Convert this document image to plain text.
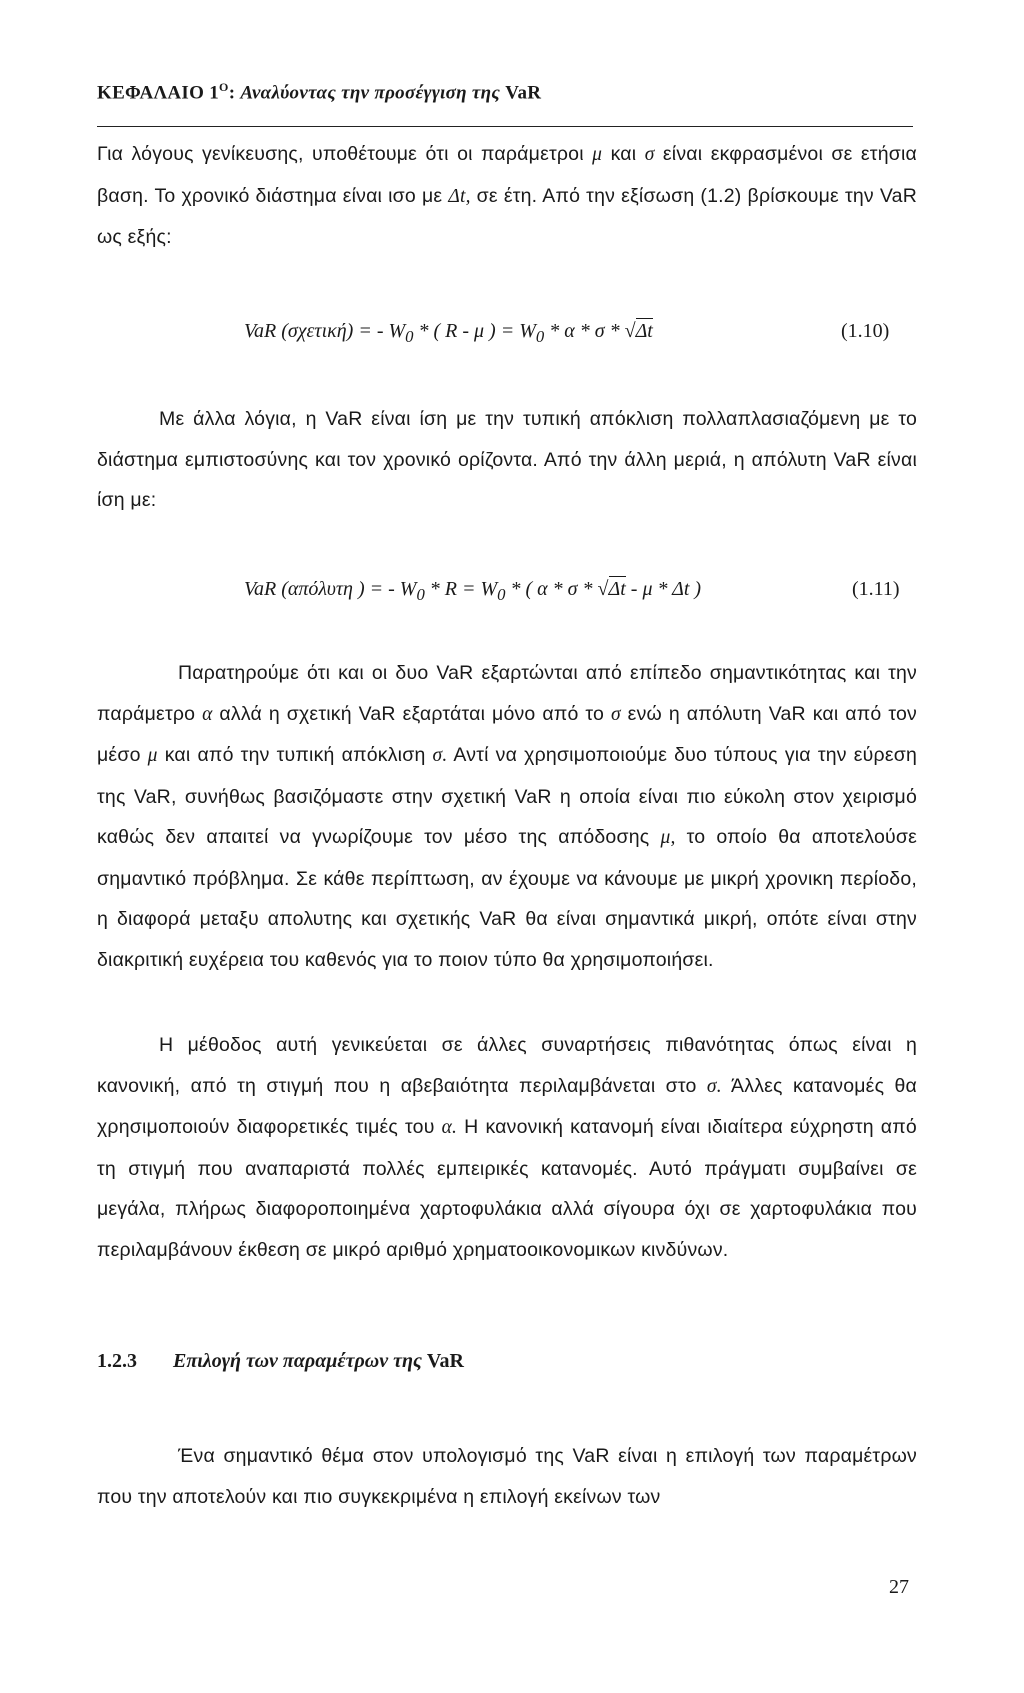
ΚΕΦΑΛΑΙΟ $1^O$: Αναλύοντας την προσέγγιση της VaR
Για λόγους γενίκευσης, υποθέτουμε ότι οι παράμετροι μ και σ είναι εκφρασμένοι σε ετήσια βαση. Το χρονικό διάστημα είναι ισο με Δt, σε έτη. Από την εξίσωση (1.2) βρίσκουμε την VaR ως εξής:
VaR (σχετική) = - $W_0$ * ( R - μ ) = $W_0$ * α * σ * √Δt	(1.10)
Με άλλα λόγια, η VaR είναι ίση με την τυπική απόκλιση πολλαπλασιαζόμενη με το διάστημα εμπιστοσύνης και τον χρονικό ορίζοντα. Από την άλλη μεριά, η απόλυτη VaR είναι ίση με:
VaR (απόλυτη ) = - $W_0 * R = W_0$ * ( α * σ * √Δt - μ * Δt )	(1.11)
Παρατηρούμε ότι και οι δυο VaR εξαρτώνται από επίπεδο σημαντικότητας και την παράμετρο α αλλά η σχετική VaR εξαρτάται μόνο από το σ ενώ η απόλυτη VaR και από τον μέσο μ και από την τυπική απόκλιση σ. Αντί να χρησιμοποιούμε δυο τύπους για την εύρεση της VaR, συνήθως βασιζόμαστε στην σχετική VaR η οποία είναι πιο εύκολη στον χειρισμό καθώς δεν απαιτεί να γνωρίζουμε τον μέσο της απόδοσης μ, το οποίο θα αποτελούσε σημαντικό πρόβλημα. Σε κάθε περίπτωση, αν έχουμε να κάνουμε με μικρή χρονικη περίοδο, η διαφορά μεταξυ απολυτης και σχετικής VaR θα είναι σημαντικά μικρή, οπότε είναι στην διακριτική ευχέρεια του καθενός για το ποιον τύπο θα χρησιμοποιήσει.
Η μέθοδος αυτή γενικεύεται σε άλλες συναρτήσεις πιθανότητας όπως είναι η κανονική, από τη στιγμή που η αβεβαιότητα περιλαμβάνεται στο σ. Άλλες κατανομές θα χρησιμοποιούν διαφορετικές τιμές του α. Η κανονική κατανομή είναι ιδιαίτερα εύχρηστη από τη στιγμή που αναπαριστά πολλές εμπειρικές κατανομές. Αυτό πράγματι συμβαίνει σε μεγάλα, πλήρως διαφοροποιημένα χαρτοφυλάκια αλλά σίγουρα όχι σε χαρτοφυλάκια που περιλαμβάνουν έκθεση σε μικρό αριθμό χρηματοοικονομικων κινδύνων.
1.2.3 Επιλογή των παραμέτρων της VaR
Ένα σημαντικό θέμα στον υπολογισμό της VaR είναι η επιλογή των παραμέτρων που την αποτελούν και πιο συγκεκριμένα η επιλογή εκείνων των
27
